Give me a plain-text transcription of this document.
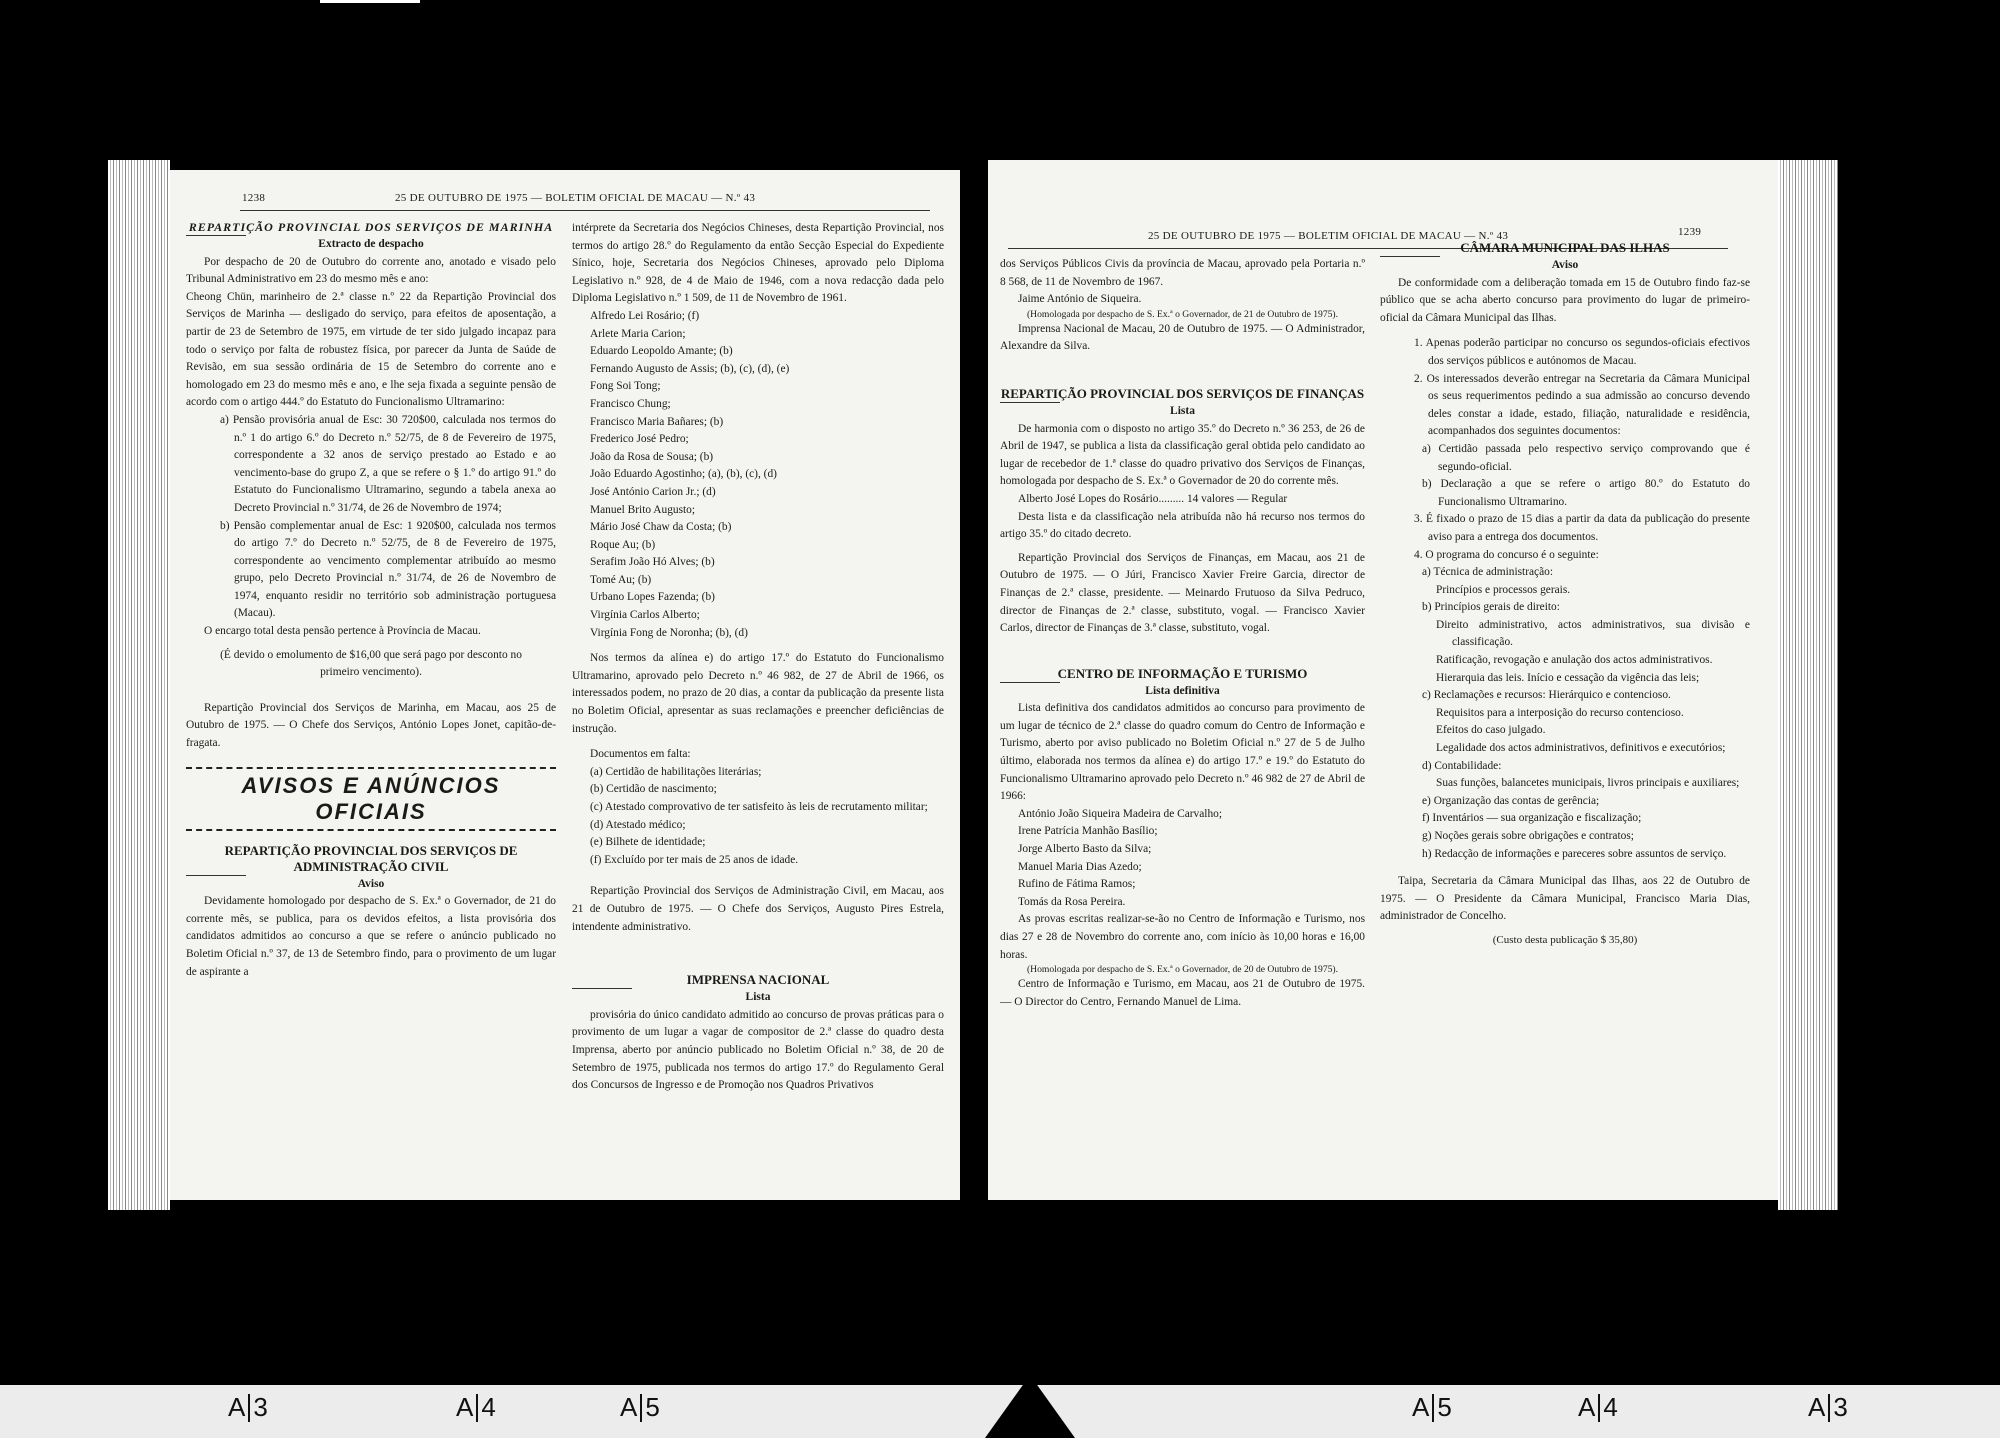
1238	25 DE OUTUBRO DE 1975 — BOLETIM OFICIAL DE MACAU — N.º 43

REPARTIÇÃO PROVINCIAL DOS SERVIÇOS DE MARINHA

Extracto de despacho

Por despacho de 20 de Outubro do corrente ano, anotado e visado pelo Tribunal Administrativo em 23 do mesmo mês e ano:

Cheong Chün, marinheiro de 2.ª classe n.º 22 da Repartição Provincial dos Serviços de Marinha — desligado do serviço, para efeitos de aposentação, a partir de 23 de Setembro de 1975, em virtude de ter sido julgado incapaz para todo o serviço por falta de robustez física, por parecer da Junta de Saúde de Revisão, em sua sessão ordinária de 15 de Setembro do corrente ano e homologado em 23 do mesmo mês e ano, e lhe seja fixada a seguinte pensão de acordo com o artigo 444.º do Estatuto do Funcionalismo Ultramarino:

a) Pensão provisória anual de Esc: 30 720$00, calculada nos termos do n.º 1 do artigo 6.º do Decreto n.º 52/75, de 8 de Fevereiro de 1975, correspondente a 32 anos de serviço prestado ao Estado e ao vencimento-base do grupo Z, a que se refere o § 1.º do artigo 91.º do Estatuto do Funcionalismo Ultramarino, segundo a tabela anexa ao Decreto Provincial n.º 31/74, de 26 de Novembro de 1974;

b) Pensão complementar anual de Esc: 1 920$00, calculada nos termos do artigo 7.º do Decreto n.º 52/75, de 8 de Fevereiro de 1975, correspondente ao vencimento complementar atribuído ao mesmo grupo, pelo Decreto Provincial n.º 31/74, de 26 de Novembro de 1974, enquanto residir no território sob administração portuguesa (Macau).

O encargo total desta pensão pertence à Província de Macau.

(É devido o emolumento de $16,00 que será pago por desconto no primeiro vencimento).

Repartição Provincial dos Serviços de Marinha, em Macau, aos 25 de Outubro de 1975. — O Chefe dos Serviços, António Lopes Jonet, capitão-de-fragata.

AVISOS E ANÚNCIOS OFICIAIS

REPARTIÇÃO PROVINCIAL DOS SERVIÇOS DE ADMINISTRAÇÃO CIVIL

Aviso

Devidamente homologado por despacho de S. Ex.ª o Governador, de 21 do corrente mês, se publica, para os devidos efeitos, a lista provisória dos candidatos admitidos ao concurso a que se refere o anúncio publicado no Boletim Oficial n.º 37, de 13 de Setembro findo, para o provimento de um lugar de aspirante a

intérprete da Secretaria dos Negócios Chineses, desta Repartição Provincial, nos termos do artigo 28.º do Regulamento da então Secção Especial do Expediente Sínico, hoje, Secretaria dos Negócios Chineses, aprovado pelo Diploma Legislativo n.º 928, de 4 de Maio de 1946, com a nova redacção dada pelo Diploma Legislativo n.º 1 509, de 11 de Novembro de 1961.

Alfredo Lei Rosário; (f)

Arlete Maria Carion;

Eduardo Leopoldo Amante; (b)

Fernando Augusto de Assis; (b), (c), (d), (e)

Fong Soi Tong;

Francisco Chung;

Francisco Maria Bañares; (b)

Frederico José Pedro;

João da Rosa de Sousa; (b)

João Eduardo Agostinho; (a), (b), (c), (d)

José António Carion Jr.; (d)

Manuel Brito Augusto;

Mário José Chaw da Costa; (b)

Roque Au; (b)

Serafim João Hó Alves; (b)

Tomé Au; (b)

Urbano Lopes Fazenda; (b)

Virgínia Carlos Alberto;

Virgínia Fong de Noronha; (b), (d)

Nos termos da alínea e) do artigo 17.º do Estatuto do Funcionalismo Ultramarino, aprovado pelo Decreto n.º 46 982, de 27 de Abril de 1966, os interessados podem, no prazo de 20 dias, a contar da publicação da presente lista no Boletim Oficial, apresentar as suas reclamações e preencher deficiências de instrução.

Documentos em falta:

(a) Certidão de habilitações literárias;

(b) Certidão de nascimento;

(c) Atestado comprovativo de ter satisfeito às leis de recrutamento militar;

(d) Atestado médico;

(e) Bilhete de identidade;

(f) Excluído por ter mais de 25 anos de idade.

Repartição Provincial dos Serviços de Administração Civil, em Macau, aos 21 de Outubro de 1975. — O Chefe dos Serviços, Augusto Pires Estrela, intendente administrativo.

IMPRENSA NACIONAL

Lista

provisória do único candidato admitido ao concurso de provas práticas para o provimento de um lugar a vagar de compositor de 2.ª classe do quadro desta Imprensa, aberto por anúncio publicado no Boletim Oficial n.º 38, de 20 de Setembro de 1975, publicada nos termos do artigo 17.º do Regulamento Geral dos Concursos de Ingresso e de Promoção nos Quadros Privativos

25 DE OUTUBRO DE 1975 — BOLETIM OFICIAL DE MACAU — N.º 43	1239

dos Serviços Públicos Civis da província de Macau, aprovado pela Portaria n.º 8 568, de 11 de Novembro de 1967.

Jaime António de Siqueira.

(Homologada por despacho de S. Ex.ª o Governador, de 21 de Outubro de 1975).

Imprensa Nacional de Macau, 20 de Outubro de 1975. — O Administrador, Alexandre da Silva.

REPARTIÇÃO PROVINCIAL DOS SERVIÇOS DE FINANÇAS

Lista

De harmonia com o disposto no artigo 35.º do Decreto n.º 36 253, de 26 de Abril de 1947, se publica a lista da classificação geral obtida pelo candidato ao lugar de recebedor de 1.ª classe do quadro privativo dos Serviços de Finanças, homologada por despacho de S. Ex.ª o Governador de 20 do corrente mês.

Alberto José Lopes do Rosário......... 14 valores — Regular

Desta lista e da classificação nela atribuída não há recurso nos termos do artigo 35.º do citado decreto.

Repartição Provincial dos Serviços de Finanças, em Macau, aos 21 de Outubro de 1975. — O Júri, Francisco Xavier Freire Garcia, director de Finanças de 2.ª classe, presidente. — Meinardo Frutuoso da Silva Pedruco, director de Finanças de 2.ª classe, substituto, vogal. — Francisco Xavier Carlos, director de Finanças de 3.ª classe, substituto, vogal.

CENTRO DE INFORMAÇÃO E TURISMO

Lista definitiva

Lista definitiva dos candidatos admitidos ao concurso para provimento de um lugar de técnico de 2.ª classe do quadro comum do Centro de Informação e Turismo, aberto por aviso publicado no Boletim Oficial n.º 27 de 5 de Julho último, elaborada nos termos da alínea e) do artigo 17.º e 19.º do Estatuto do Funcionalismo Ultramarino aprovado pelo Decreto n.º 46 982 de 27 de Abril de 1966:

António João Siqueira Madeira de Carvalho;

Irene Patrícia Manhão Basílio;

Jorge Alberto Basto da Silva;

Manuel Maria Dias Azedo;

Rufino de Fátima Ramos;

Tomás da Rosa Pereira.

As provas escritas realizar-se-ão no Centro de Informação e Turismo, nos dias 27 e 28 de Novembro do corrente ano, com início às 10,00 horas e 16,00 horas.

(Homologada por despacho de S. Ex.ª o Governador, de 20 de Outubro de 1975).

Centro de Informação e Turismo, em Macau, aos 21 de Outubro de 1975. — O Director do Centro, Fernando Manuel de Lima.

CÂMARA MUNICIPAL DAS ILHAS

Aviso

De conformidade com a deliberação tomada em 15 de Outubro findo faz-se público que se acha aberto concurso para provimento do lugar de primeiro-oficial da Câmara Municipal das Ilhas.

1. Apenas poderão participar no concurso os segundos-oficiais efectivos dos serviços públicos e autónomos de Macau.

2. Os interessados deverão entregar na Secretaria da Câmara Municipal os seus requerimentos pedindo a sua admissão ao concurso devendo deles constar a idade, estado, filiação, naturalidade e residência, acompanhados dos seguintes documentos:

a) Certidão passada pelo respectivo serviço comprovando que é segundo-oficial.

b) Declaração a que se refere o artigo 80.º do Estatuto do Funcionalismo Ultramarino.

3. É fixado o prazo de 15 dias a partir da data da publicação do presente aviso para a entrega dos documentos.

4. O programa do concurso é o seguinte:

a) Técnica de administração:

Princípios e processos gerais.

b) Princípios gerais de direito:

Direito administrativo, actos administrativos, sua divisão e classificação.

Ratificação, revogação e anulação dos actos administrativos.

Hierarquia das leis. Início e cessação da vigência das leis;

c) Reclamações e recursos: Hierárquico e contencioso.

Requisitos para a interposição do recurso contencioso.

Efeitos do caso julgado.

Legalidade dos actos administrativos, definitivos e executórios;

d) Contabilidade:

Suas funções, balancetes municipais, livros principais e auxiliares;

e) Organização das contas de gerência;

f) Inventários — sua organização e fiscalização;

g) Noções gerais sobre obrigações e contratos;

h) Redacção de informações e pareceres sobre assuntos de serviço.

Taipa, Secretaria da Câmara Municipal das Ilhas, aos 22 de Outubro de 1975. — O Presidente da Câmara Municipal, Francisco Maria Dias, administrador de Concelho.

(Custo desta publicação $ 35,80)

A 3	A 4	A 5	A 5	A 4	A 3
